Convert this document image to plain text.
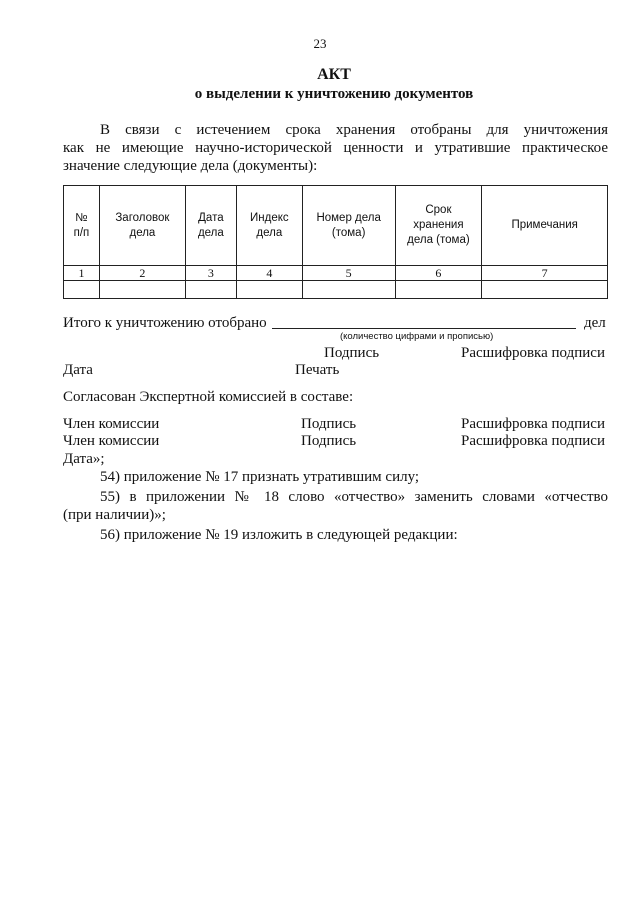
23
АКТ
о выделении к уничтожению документов
В связи с истечением срока хранения отобраны для уничтожения
как не имеющие научно-исторической ценности и утратившие практическое
значение следующие дела (документы):
№ п/п	Заголовок дела	Дата дела	Индекс дела	Номер дела (тома)	Срок хранения дела (тома)	Примечания
1	2	3	4	5	6	7

Итого к уничтожению отобрано	дел
(количество цифрами и прописью)
Подпись	Расшифровка подписи
Дата	Печать
Согласован Экспертной комиссией в составе:
Член комиссии	Подпись	Расшифровка подписи
Член комиссии	Подпись	Расшифровка подписи
Дата»;
54) приложение № 17 признать утратившим силу;
55) в приложении № 18 слово «отчество» заменить словами «отчество
(при наличии)»;
56) приложение № 19 изложить в следующей редакции:
